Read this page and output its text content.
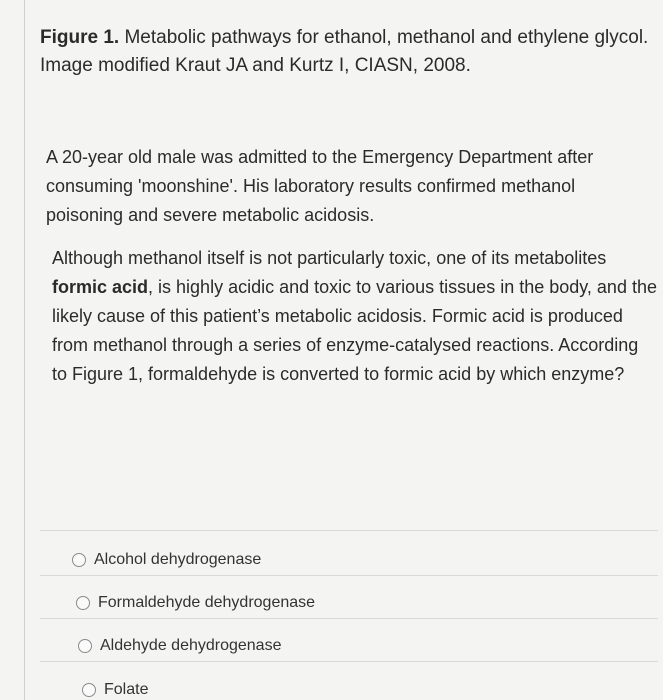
Figure 1. Metabolic pathways for ethanol, methanol and ethylene glycol.
Image modified Kraut JA and Kurtz I, CIASN, 2008.

A 20-year old male was admitted to the Emergency Department after consuming 'moonshine'. His laboratory results confirmed methanol poisoning and severe metabolic acidosis.

Although methanol itself is not particularly toxic, one of its metabolites formic acid, is highly acidic and toxic to various tissues in the body, and the likely cause of this patient’s metabolic acidosis. Formic acid is produced from methanol through a series of enzyme-catalysed reactions. According to Figure 1, formaldehyde is converted to formic acid by which enzyme?

Alcohol dehydrogenase
Formaldehyde dehydrogenase
Aldehyde dehydrogenase
Folate
